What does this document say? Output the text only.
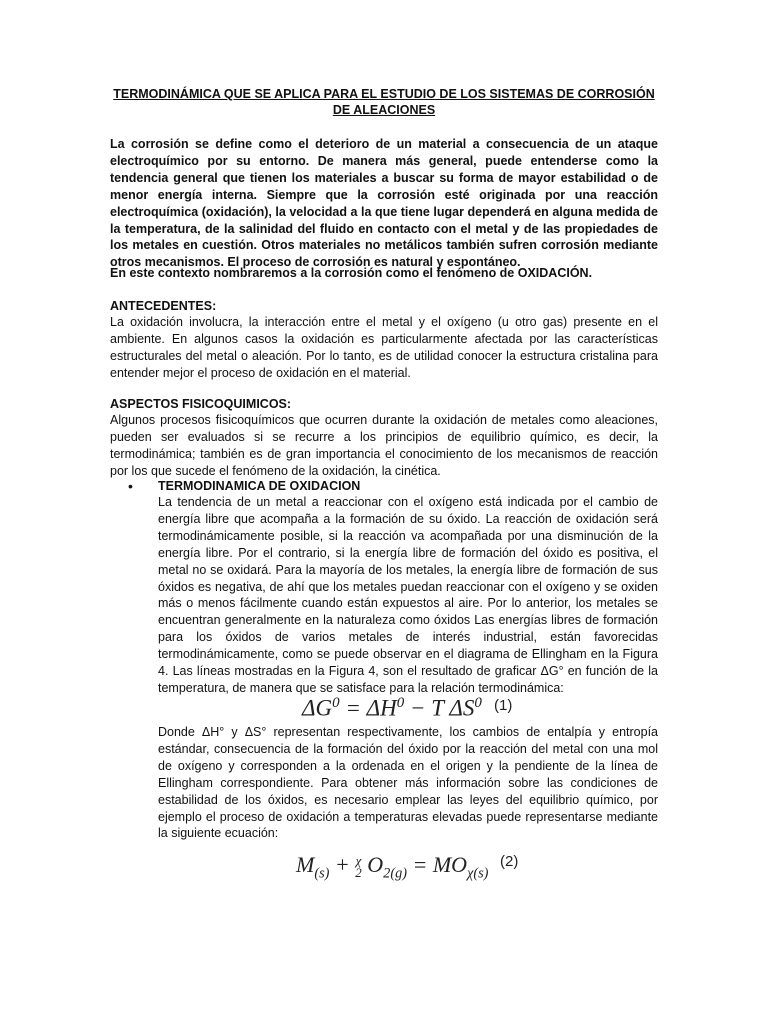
TERMODINÁMICA QUE SE APLICA PARA EL ESTUDIO DE LOS SISTEMAS DE CORROSIÓN DE ALEACIONES

La corrosión se define como el deterioro de un material a consecuencia de un ataque electroquímico por su entorno. De manera más general, puede entenderse como la tendencia general que tienen los materiales a buscar su forma de mayor estabilidad o de menor energía interna. Siempre que la corrosión esté originada por una reacción electroquímica (oxidación), la velocidad a la que tiene lugar dependerá en alguna medida de la temperatura, de la salinidad del fluido en contacto con el metal y de las propiedades de los metales en cuestión. Otros materiales no metálicos también sufren corrosión mediante otros mecanismos. El proceso de corrosión es natural y espontáneo.

En este contexto nombraremos a la corrosión como el fenómeno de OXIDACIÓN.

ANTECEDENTES:

La oxidación involucra, la interacción entre el metal y el oxígeno (u otro gas) presente en el ambiente. En algunos casos la oxidación es particularmente afectada por las características estructurales del metal o aleación. Por lo tanto, es de utilidad conocer la estructura cristalina para entender mejor el proceso de oxidación en el material.

ASPECTOS FISICOQUIMICOS:

Algunos procesos fisicoquímicos que ocurren durante la oxidación de metales como aleaciones, pueden ser evaluados si se recurre a los principios de equilibrio químico, es decir, la termodinámica; también es de gran importancia el conocimiento de los mecanismos de reacción por los que sucede el fenómeno de la oxidación, la cinética.

• TERMODINAMICA DE OXIDACION

La tendencia de un metal a reaccionar con el oxígeno está indicada por el cambio de energía libre que acompaña a la formación de su óxido. La reacción de oxidación será termodinámicamente posible, si la reacción va acompañada por una disminución de la energía libre. Por el contrario, si la energía libre de formación del óxido es positiva, el metal no se oxidará. Para la mayoría de los metales, la energía libre de formación de sus óxidos es negativa, de ahí que los metales puedan reaccionar con el oxígeno y se oxiden más o menos fácilmente cuando están expuestos al aire. Por lo anterior, los metales se encuentran generalmente en la naturaleza como óxidos Las energías libres de formación para los óxidos de varios metales de interés industrial, están favorecidas termodinámicamente, como se puede observar en el diagrama de Ellingham en la Figura 4. Las líneas mostradas en la Figura 4, son el resultado de graficar ΔG° en función de la temperatura, de manera que se satisface para la relación termodinámica:

$\Delta G^0 = \Delta H^0 - T$ $\Delta S^0$ (1)

Donde ΔH° y ΔS° representan respectivamente, los cambios de entalpía y entropía estándar, consecuencia de la formación del óxido por la reacción del metal con una mol de oxígeno y corresponden a la ordenada en el origen y la pendiente de la línea de Ellingham correspondiente. Para obtener más información sobre las condiciones de estabilidad de los óxidos, es necesario emplear las leyes del equilibrio químico, por ejemplo el proceso de oxidación a temperaturas elevadas puede representarse mediante la siguiente ecuación:

$M_{(s)} + \chi$
2 $O_{2(g)} = MO_{\chi(s)}$
(2)
